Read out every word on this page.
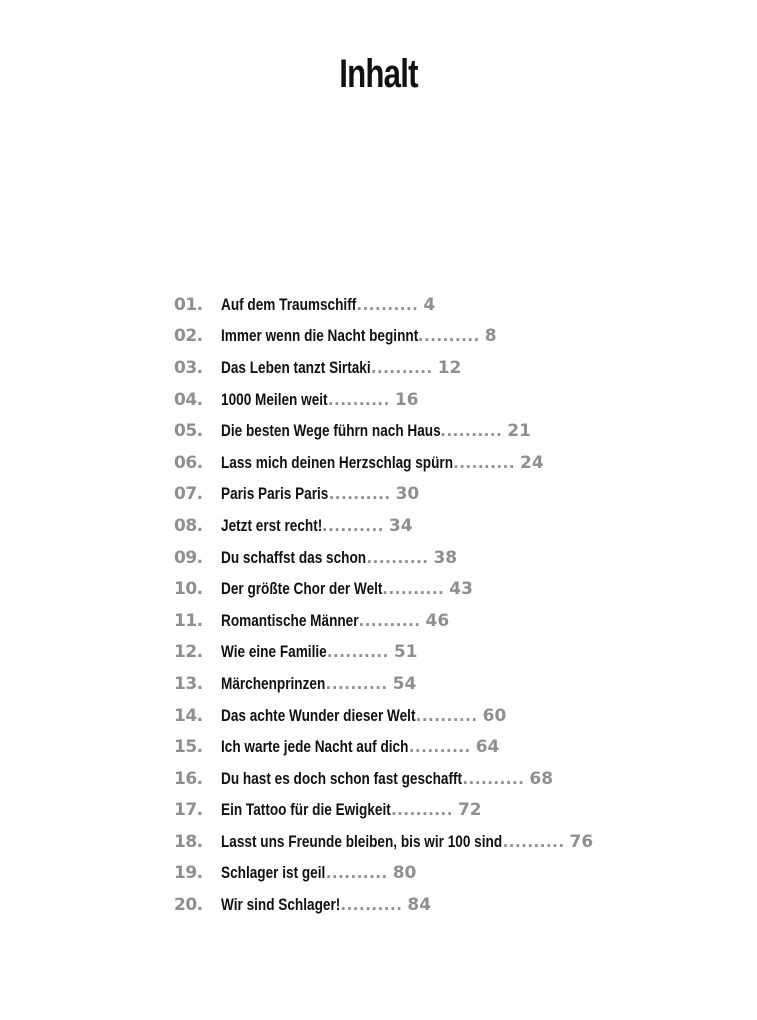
Inhalt
01.	Auf dem Traumschiff .......... 4
02.	Immer wenn die Nacht beginnt .......... 8
03.	Das Leben tanzt Sirtaki .......... 12
04.	1000 Meilen weit .......... 16
05.	Die besten Wege führn nach Haus .......... 21
06.	Lass mich deinen Herzschlag spürn .......... 24
07.	Paris Paris Paris .......... 30
08.	Jetzt erst recht! .......... 34
09.	Du schaffst das schon .......... 38
10.	Der größte Chor der Welt .......... 43
11.	Romantische Männer .......... 46
12.	Wie eine Familie .......... 51
13.	Märchenprinzen .......... 54
14.	Das achte Wunder dieser Welt .......... 60
15.	Ich warte jede Nacht auf dich .......... 64
16.	Du hast es doch schon fast geschafft .......... 68
17.	Ein Tattoo für die Ewigkeit .......... 72
18.	Lasst uns Freunde bleiben, bis wir 100 sind .......... 76
19.	Schlager ist geil .......... 80
20.	Wir sind Schlager! .......... 84
